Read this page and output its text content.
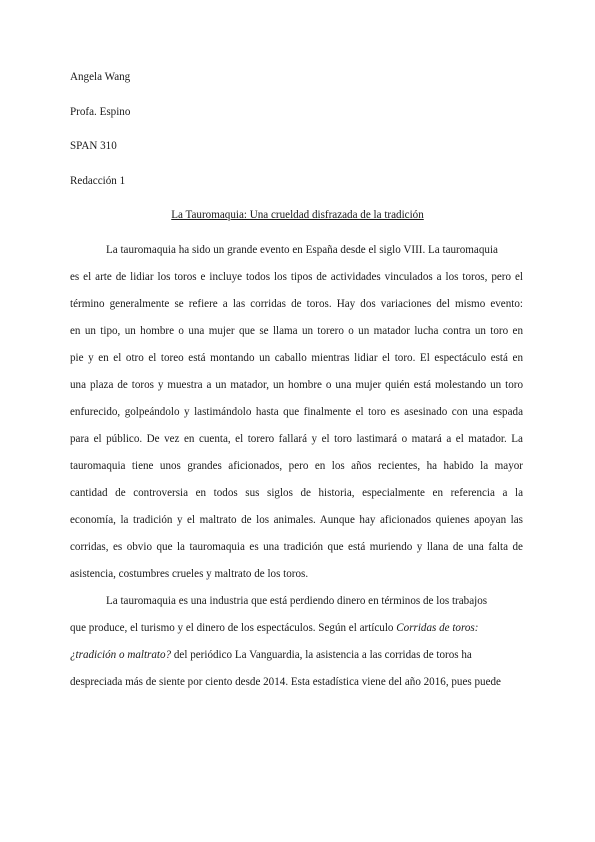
Angela Wang
Profa. Espino
SPAN 310
Redacción 1
La Tauromaquia: Una crueldad disfrazada de la tradición
La tauromaquia ha sido un grande evento en España desde el siglo VIII. La tauromaquia
es el arte de lidiar los toros e incluye todos los tipos de actividades vinculados a los toros, pero el
término generalmente se refiere a las corridas de toros. Hay dos variaciones del mismo evento:
en un tipo, un hombre o una mujer que se llama un torero o un matador lucha contra un toro en
pie y en el otro el toreo está montando un caballo mientras lidiar el toro. El espectáculo está en
una plaza de toros y muestra a un matador, un hombre o una mujer quién está molestando un toro
enfurecido, golpeándolo y lastimándolo hasta que finalmente el toro es asesinado con una espada
para el público. De vez en cuenta, el torero fallará y el toro lastimará o matará a el matador. La
tauromaquia tiene unos grandes aficionados, pero en los años recientes, ha habido la mayor
cantidad de controversia en todos sus siglos de historia, especialmente en referencia a la
economía, la tradición y el maltrato de los animales. Aunque hay aficionados quienes apoyan las
corridas, es obvio que la tauromaquia es una tradición que está muriendo y llana de una falta de
asistencia, costumbres crueles y maltrato de los toros.
La tauromaquia es una industria que está perdiendo dinero en términos de los trabajos
que produce, el turismo y el dinero de los espectáculos. Según el artículo Corridas de toros:
¿tradición o maltrato? del periódico La Vanguardia, la asistencia a las corridas de toros ha
despreciada más de siente por ciento desde 2014. Esta estadística viene del año 2016, pues puede
